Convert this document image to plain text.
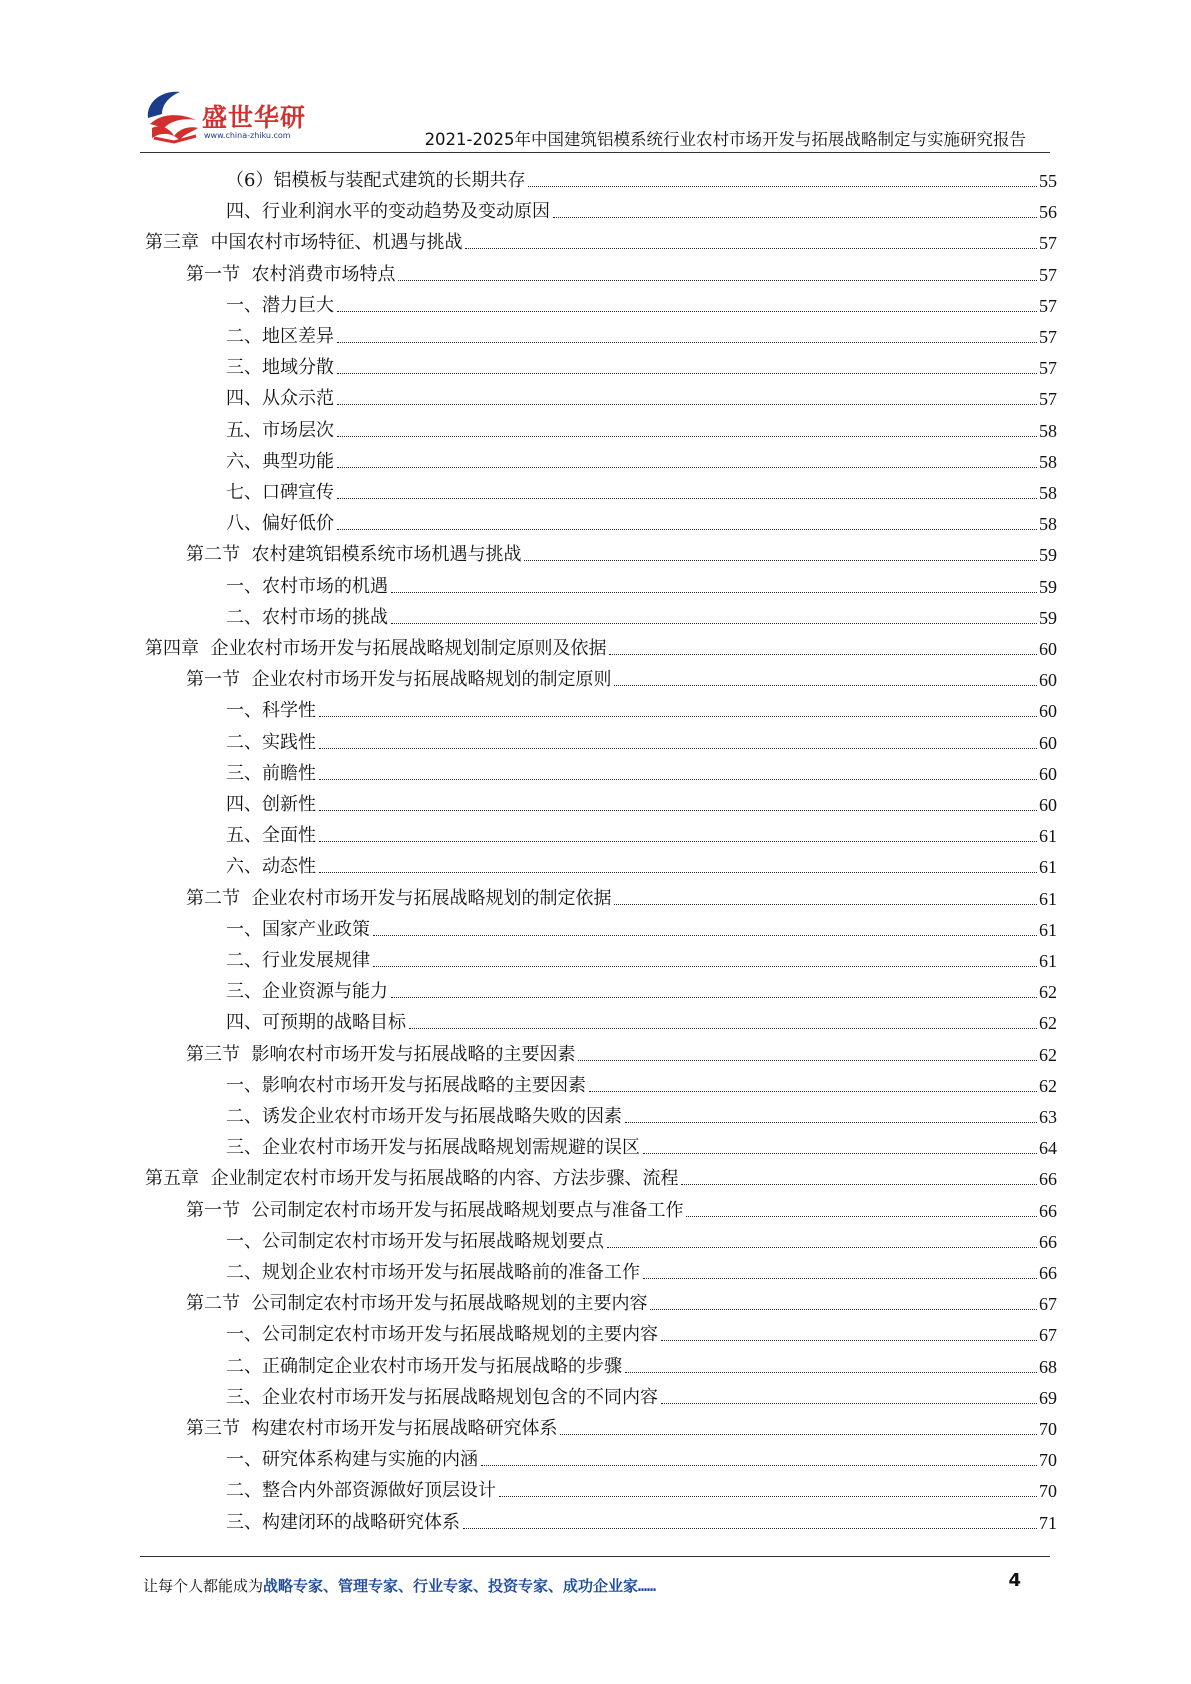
盛世华研
www.china-zhiku.com	2021-2025年中国建筑铝模系统行业农村市场开发与拓展战略制定与实施研究报告
（6）铝模板与装配式建筑的长期共存	55
四、行业利润水平的变动趋势及变动原因	56
第三章  中国农村市场特征、机遇与挑战	57
第一节  农村消费市场特点	57
一、潜力巨大	57
二、地区差异	57
三、地域分散	57
四、从众示范	57
五、市场层次	58
六、典型功能	58
七、口碑宣传	58
八、偏好低价	58
第二节  农村建筑铝模系统市场机遇与挑战	59
一、农村市场的机遇	59
二、农村市场的挑战	59
第四章  企业农村市场开发与拓展战略规划制定原则及依据	60
第一节  企业农村市场开发与拓展战略规划的制定原则	60
一、科学性	60
二、实践性	60
三、前瞻性	60
四、创新性	60
五、全面性	61
六、动态性	61
第二节  企业农村市场开发与拓展战略规划的制定依据	61
一、国家产业政策	61
二、行业发展规律	61
三、企业资源与能力	62
四、可预期的战略目标	62
第三节  影响农村市场开发与拓展战略的主要因素	62
一、影响农村市场开发与拓展战略的主要因素	62
二、诱发企业农村市场开发与拓展战略失败的因素	63
三、企业农村市场开发与拓展战略规划需规避的误区	64
第五章  企业制定农村市场开发与拓展战略的内容、方法步骤、流程	66
第一节  公司制定农村市场开发与拓展战略规划要点与准备工作	66
一、公司制定农村市场开发与拓展战略规划要点	66
二、规划企业农村市场开发与拓展战略前的准备工作	66
第二节  公司制定农村市场开发与拓展战略规划的主要内容	67
一、公司制定农村市场开发与拓展战略规划的主要内容	67
二、正确制定企业农村市场开发与拓展战略的步骤	68
三、企业农村市场开发与拓展战略规划包含的不同内容	69
第三节  构建农村市场开发与拓展战略研究体系	70
一、研究体系构建与实施的内涵	70
二、整合内外部资源做好顶层设计	70
三、构建闭环的战略研究体系	71
让每个人都能成为战略专家、管理专家、行业专家、投资专家、成功企业家……	4
